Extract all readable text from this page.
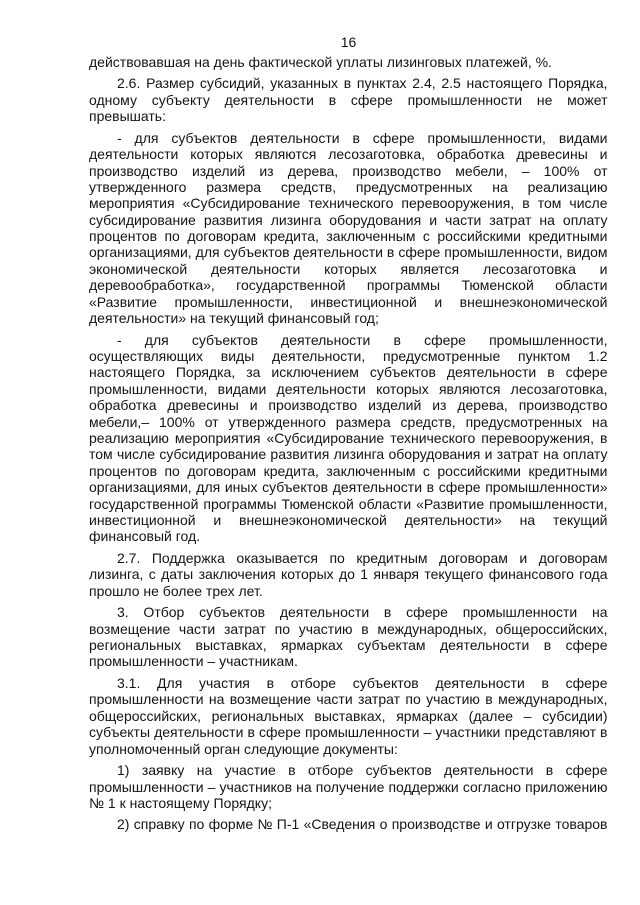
16
действовавшая на день фактической уплаты лизинговых платежей, %.
2.6. Размер субсидий, указанных в пунктах 2.4, 2.5 настоящего Порядка,
одному субъекту деятельности в сфере промышленности не может
превышать:
- для субъектов деятельности в сфере промышленности, видами
деятельности которых являются лесозаготовка, обработка древесины и
производство изделий из дерева, производство мебели, – 100% от
утвержденного размера средств, предусмотренных на реализацию
мероприятия «Субсидирование технического перевооружения, в том числе
субсидирование развития лизинга оборудования и части затрат на оплату
процентов по договорам кредита, заключенным с российскими кредитными
организациями, для субъектов деятельности в сфере промышленности, видом
экономической деятельности которых является лесозаготовка и
деревообработка», государственной программы Тюменской области
«Развитие промышленности, инвестиционной и внешнеэкономической
деятельности» на текущий финансовый год;
- для субъектов деятельности в сфере промышленности,
осуществляющих виды деятельности, предусмотренные пунктом 1.2
настоящего Порядка, за исключением субъектов деятельности в сфере
промышленности, видами деятельности которых являются лесозаготовка,
обработка древесины и производство изделий из дерева, производство
мебели,– 100% от утвержденного размера средств, предусмотренных на
реализацию мероприятия «Субсидирование технического перевооружения, в
том числе субсидирование развития лизинга оборудования и затрат на оплату
процентов по договорам кредита, заключенным с российскими кредитными
организациями, для иных субъектов деятельности в сфере промышленности»
государственной программы Тюменской области «Развитие промышленности,
инвестиционной и внешнеэкономической деятельности» на текущий
финансовый год.
2.7. Поддержка оказывается по кредитным договорам и договорам
лизинга, с даты заключения которых до 1 января текущего финансового года
прошло не более трех лет.
3. Отбор субъектов деятельности в сфере промышленности на
возмещение части затрат по участию в международных, общероссийских,
региональных выставках, ярмарках субъектам деятельности в сфере
промышленности – участникам.
3.1. Для участия в отборе субъектов деятельности в сфере
промышленности на возмещение части затрат по участию в международных,
общероссийских, региональных выставках, ярмарках (далее – субсидии)
субъекты деятельности в сфере промышленности – участники представляют в
уполномоченный орган следующие документы:
1) заявку на участие в отборе субъектов деятельности в сфере
промышленности – участников на получение поддержки согласно приложению
№ 1 к настоящему Порядку;
2) справку по форме № П-1 «Сведения о производстве и отгрузке товаров
